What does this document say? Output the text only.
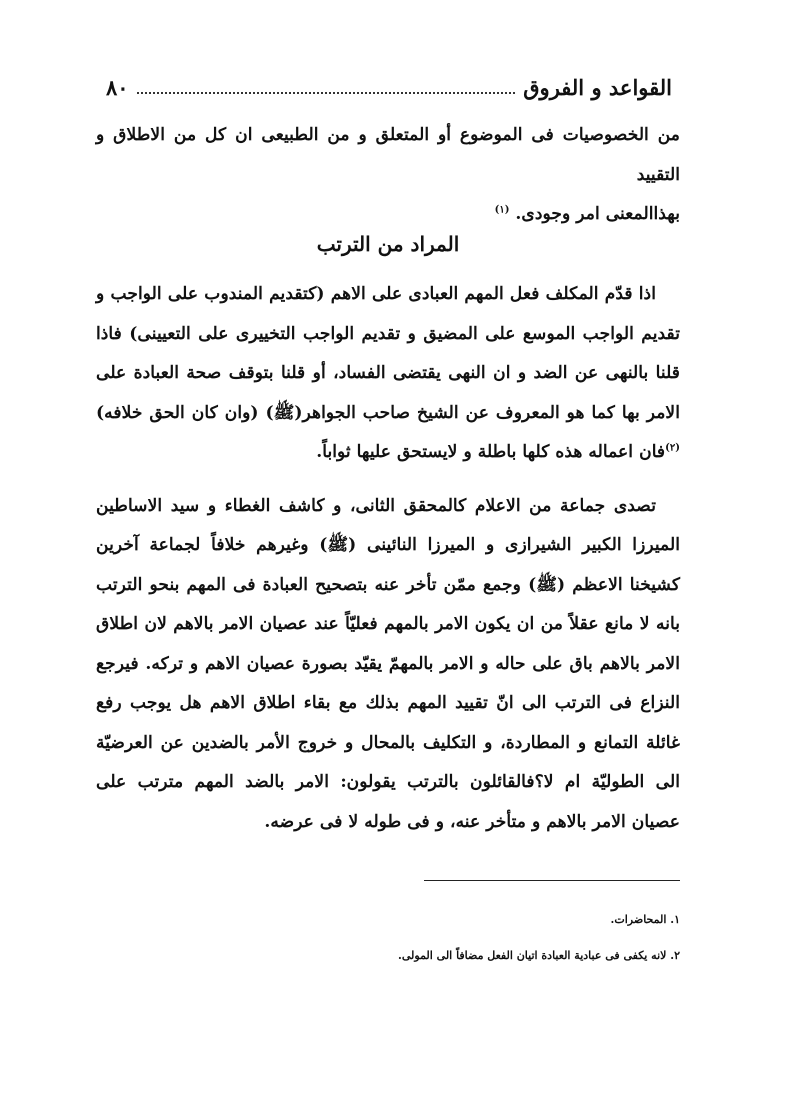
القواعد و الفروق
٨٠

من الخصوصيات فى الموضوع أو المتعلق و من الطبيعى ان كل من الاطلاق و التقييد

بهذاالمعنى امر وجودى. $^{(١)}$

المراد من الترتب

اذا قدّم المكلف فعل المهم العبادى على الاهم (كتقديم المندوب على الواجب و تقديم الواجب الموسع على المضيق و تقديم الواجب التخييرى على التعيينى) فاذا قلنا بالنهى عن الضد و ان النهى يقتضى الفساد، أو قلنا بتوقف صحة العبادة على الامر بها كما هو المعروف عن الشيخ صاحب الجواهر(ﷺ) (وان كان الحق خلافه)$^{(٢)}$فان اعماله هذه كلها باطلة و لايستحق عليها ثواباً.

تصدى جماعة من الاعلام كالمحقق الثانى، و كاشف الغطاء و سيد الاساطين الميرزا الكبير الشيرازى و الميرزا النائينى (ﷺ) وغيرهم خلافاً لجماعة آخرين كشيخنا الاعظم (ﷺ) وجمع ممّن تأخر عنه بتصحيح العبادة فى المهم بنحو الترتب بانه لا مانع عقلاً من ان يكون الامر بالمهم فعليّاً عند عصيان الامر بالاهم لان اطلاق الامر بالاهم باق على حاله و الامر بالمهمّ يقيّد بصورة عصيان الاهم و تركه. فيرجع النزاع فى الترتب الى انّ تقييد المهم بذلك مع بقاء اطلاق الاهم هل يوجب رفع غائلة التمانع و المطاردة، و التكليف بالمحال و خروج الأمر بالضدين عن العرضيّة الى الطوليّة ام لا؟فالقائلون بالترتب يقولون: الامر بالضد المهم مترتب على عصيان الامر بالاهم و متأخر عنه، و فى طوله لا فى عرضه.

١. المحاضرات.
٢. لانه يكفى فى عبادية العبادة اتيان الفعل مضافاً الى المولى.
